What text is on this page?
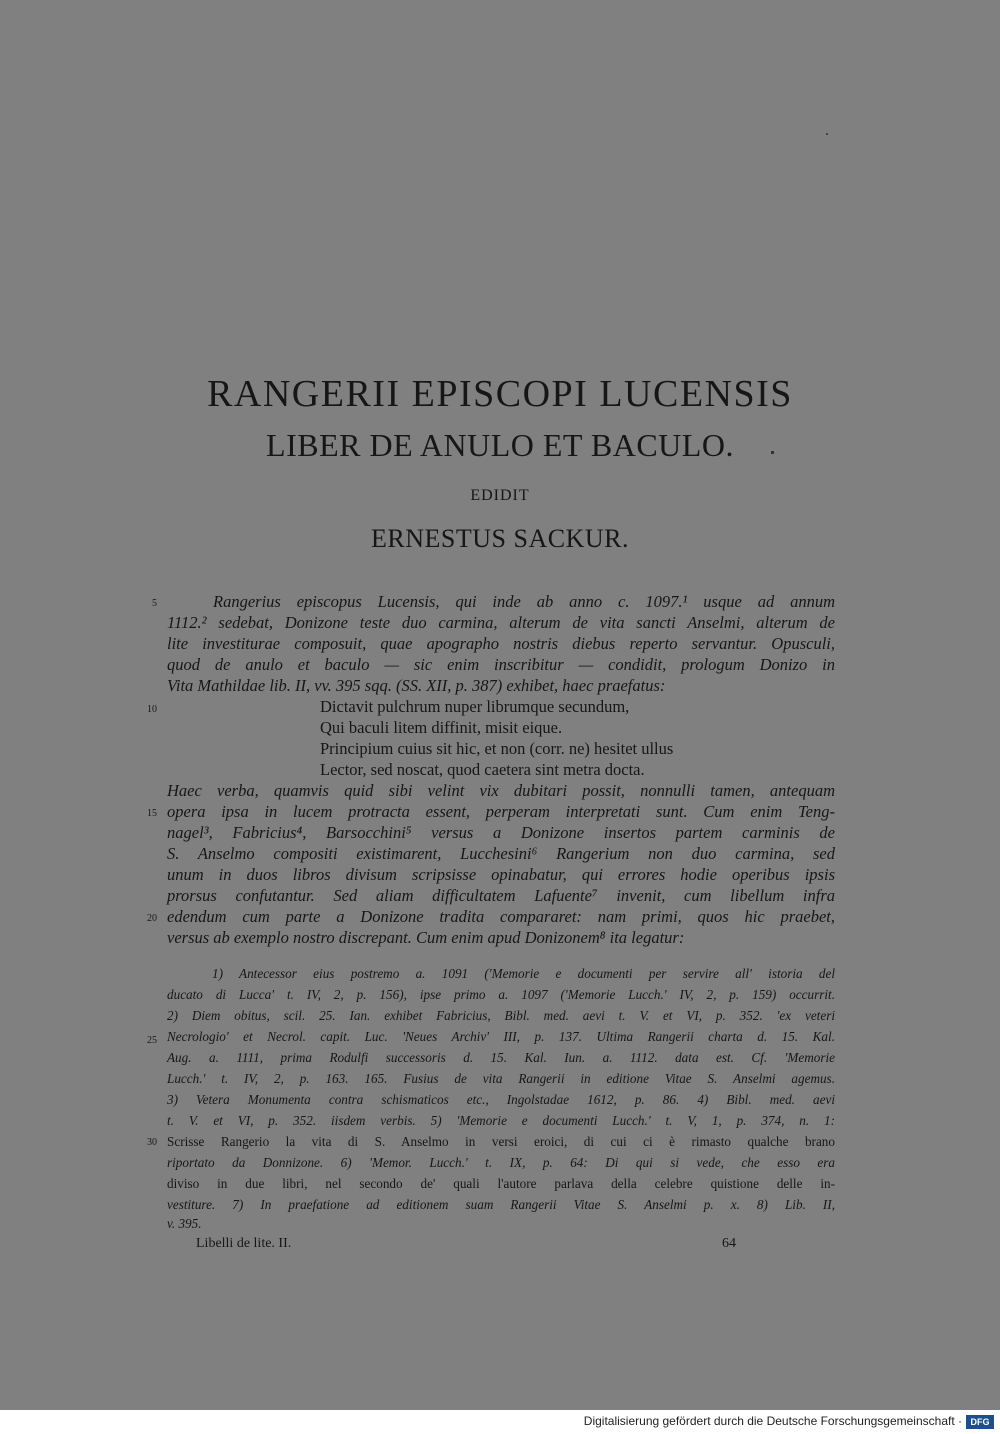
RANGERII EPISCOPI LUCENSIS
LIBER DE ANULO ET BACULO.
EDIDIT
ERNESTUS SACKUR.
5
10
15
20
25
30
Rangerius episcopus Lucensis, qui inde ab anno c. 1097.¹ usque ad annum
1112.² sedebat, Donizone teste duo carmina, alterum de vita sancti Anselmi, alterum de
lite investiturae composuit, quae apographo nostris diebus reperto servantur. Opusculi,
quod de anulo et baculo — sic enim inscribitur — condidit, prologum Donizo in
Vita Mathildae lib. II, vv. 395 sqq. (SS. XII, p. 387) exhibet, haec praefatus:
Dictavit pulchrum nuper librumque secundum,
Qui baculi litem diffinit, misit eique.
Principium cuius sit hic, et non (corr. ne) hesitet ullus
Lector, sed noscat, quod caetera sint metra docta.
Haec verba, quamvis quid sibi velint vix dubitari possit, nonnulli tamen, antequam
opera ipsa in lucem protracta essent, perperam interpretati sunt. Cum enim Teng-
nagel³, Fabricius⁴, Barsocchini⁵ versus a Donizone insertos partem carminis de
S. Anselmo compositi existimarent, Lucchesini⁶ Rangerium non duo carmina, sed
unum in duos libros divisum scripsisse opinabatur, qui errores hodie operibus ipsis
prorsus confutantur. Sed aliam difficultatem Lafuente⁷ invenit, cum libellum infra
edendum cum parte a Donizone tradita compararet: nam primi, quos hic praebet,
versus ab exemplo nostro discrepant. Cum enim apud Donizonem⁸ ita legatur:
1) Antecessor eius postremo a. 1091 ('Memorie e documenti per servire all' istoria del
ducato di Lucca' t. IV, 2, p. 156), ipse primo a. 1097 ('Memorie Lucch.' IV, 2, p. 159) occurrit.
2) Diem obitus, scil. 25. Ian. exhibet Fabricius, Bibl. med. aevi t. V. et VI, p. 352. 'ex veteri
Necrologio' et Necrol. capit. Luc. 'Neues Archiv' III, p. 137. Ultima Rangerii charta d. 15. Kal.
Aug. a. 1111, prima Rodulfi successoris d. 15. Kal. Iun. a. 1112. data est. Cf. 'Memorie
Lucch.' t. IV, 2, p. 163. 165. Fusius de vita Rangerii in editione Vitae S. Anselmi agemus.
3) Vetera Monumenta contra schismaticos etc., Ingolstadae 1612, p. 86. 4) Bibl. med. aevi
t. V. et VI, p. 352. iisdem verbis. 5) 'Memorie e documenti Lucch.' t. V, 1, p. 374, n. 1:
Scrisse Rangerio la vita di S. Anselmo in versi eroici, di cui ci è rimasto qualche brano
riportato da Donnizone. 6) 'Memor. Lucch.' t. IX, p. 64: Di qui si vede, che esso era
diviso in due libri, nel secondo de' quali l'autore parlava della celebre quistione delle in-
vestiture. 7) In praefatione ad editionem suam Rangerii Vitae S. Anselmi p. x. 8) Lib. II,
v. 395.
Libelli de lite. II.	64
Digitalisierung gefördert durch die Deutsche Forschungsgemeinschaft · DFG
